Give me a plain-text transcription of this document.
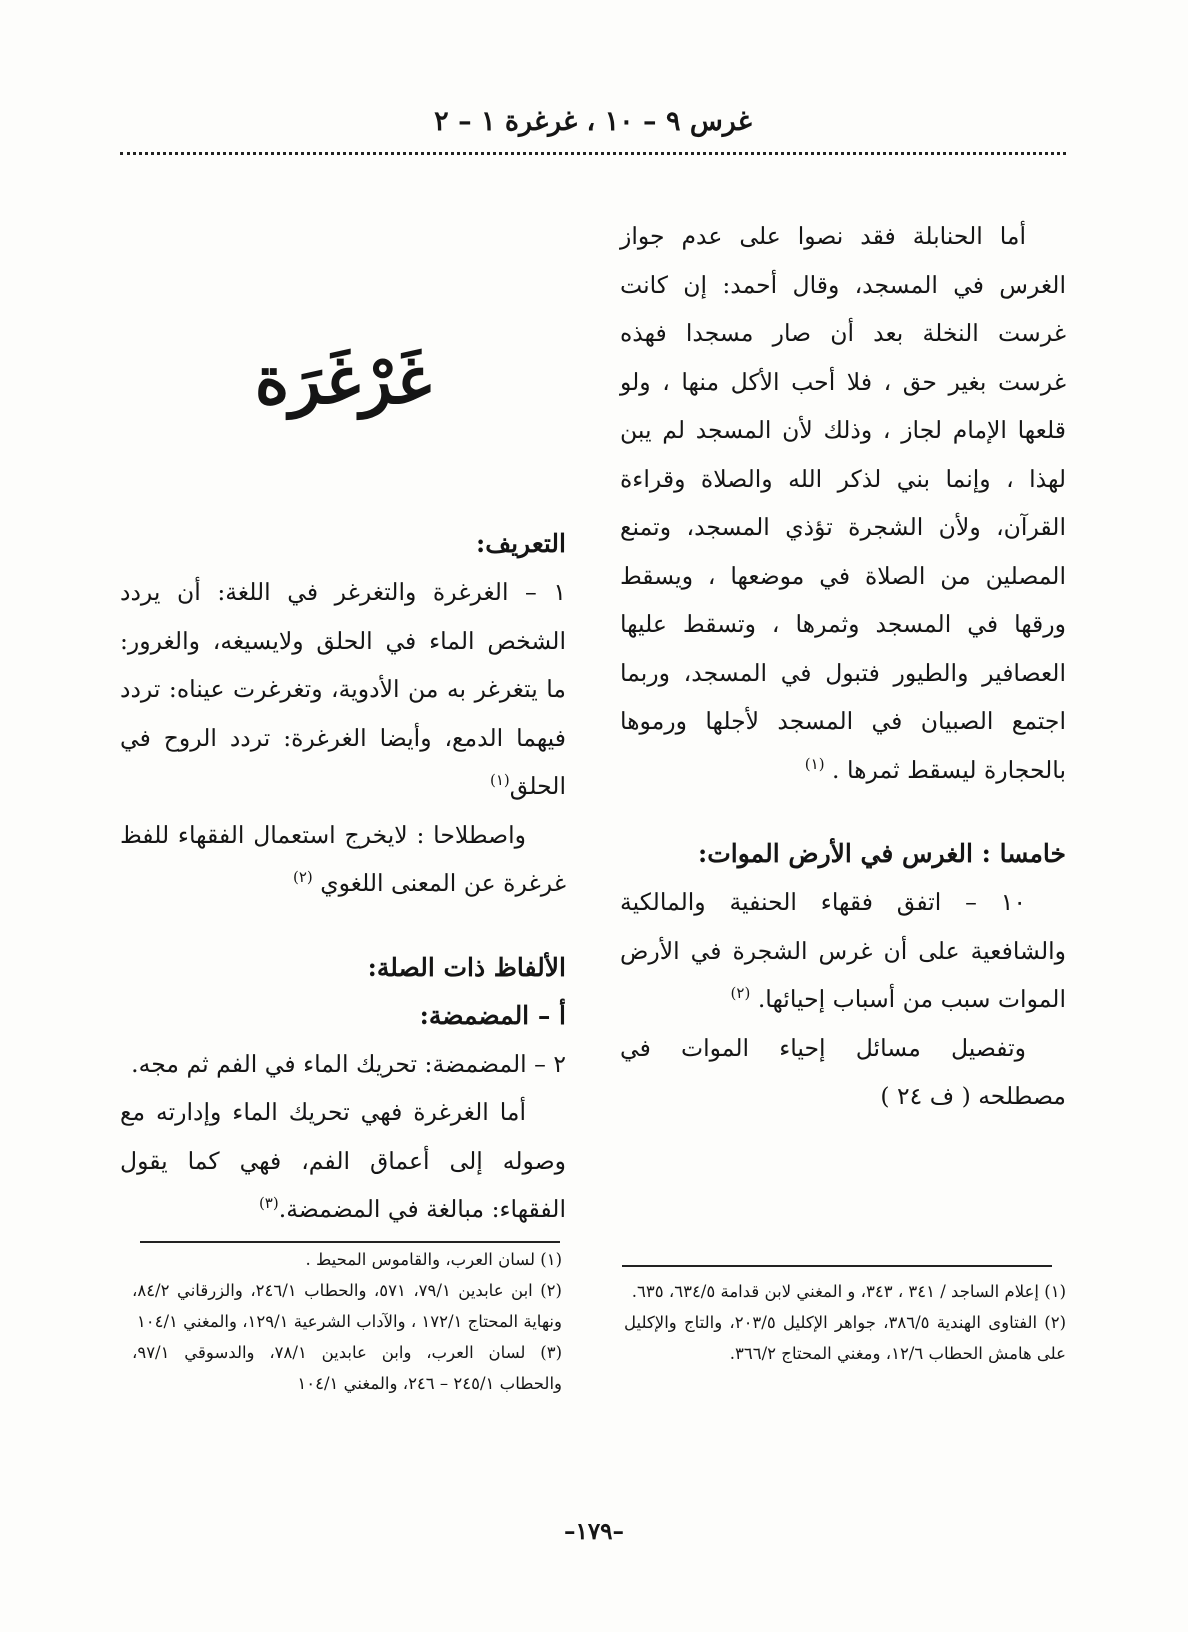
غرس ٩ – ١٠ ، غرغرة ١ – ٢

أما الحنابلة فقد نصوا على عدم جواز الغرس في المسجد، وقال أحمد: إن كانت غرست النخلة بعد أن صار مسجدا فهذه غرست بغير حق ، فلا أحب الأكل منها ، ولو قلعها الإمام لجاز ، وذلك لأن المسجد لم يبن لهذا ، وإنما بني لذكر الله والصلاة وقراءة القرآن، ولأن الشجرة تؤذي المسجد، وتمنع المصلين من الصلاة في موضعها ، ويسقط ورقها في المسجد وثمرها ، وتسقط عليها العصافير والطيور فتبول في المسجد، وربما اجتمع الصبيان في المسجد لأجلها ورموها بالحجارة ليسقط ثمرها . $^{(١)}$

خامسا : الغرس في الأرض الموات:

١٠ – اتفق فقهاء الحنفية والمالكية والشافعية على أن غرس الشجرة في الأرض الموات سبب من أسباب إحيائها. $^{(٢)}$

وتفصيل مسائل إحياء الموات في مصطلحه ( ف ٢٤ )

غَرْغَرَة

التعريف:

١ – الغرغرة والتغرغر في اللغة: أن يردد الشخص الماء في الحلق ولايسيغه، والغرور: ما يتغرغر به من الأدوية، وتغرغرت عيناه: تردد فيهما الدمع، وأيضا الغرغرة: تردد الروح في الحلق$^{(١)}$

واصطلاحا : لايخرج استعمال الفقهاء للفظ غرغرة عن المعنى اللغوي $^{(٢)}$

الألفاظ ذات الصلة:

أ – المضمضة:

٢ – المضمضة: تحريك الماء في الفم ثم مجه.

أما الغرغرة فهي تحريك الماء وإدارته مع وصوله إلى أعماق الفم، فهي كما يقول الفقهاء: مبالغة في المضمضة.$^{(٣)}$

(١) لسان العرب، والقاموس المحيط .

(٢) ابن عابدين ٧٩/١، ٥٧١، والحطاب ٢٤٦/١، والزرقاني ٨٤/٢، ونهاية المحتاج ١٧٢/١ ، والآداب الشرعية ١٢٩/١، والمغني ١٠٤/١

(٣) لسان العرب، وابن عابدين ٧٨/١، والدسوقي ٩٧/١، والحطاب ٢٤٥/١ – ٢٤٦، والمغني ١٠٤/١

(١) إعلام الساجد / ٣٤١ ، ٣٤٣، و المغني لابن قدامة ٦٣٤/٥، ٦٣٥.

(٢) الفتاوى الهندية ٣٨٦/٥، جواهر الإكليل ٢٠٣/٥، والتاج والإكليل على هامش الحطاب ١٢/٦، ومغني المحتاج ٣٦٦/٢.

–١٧٩–
